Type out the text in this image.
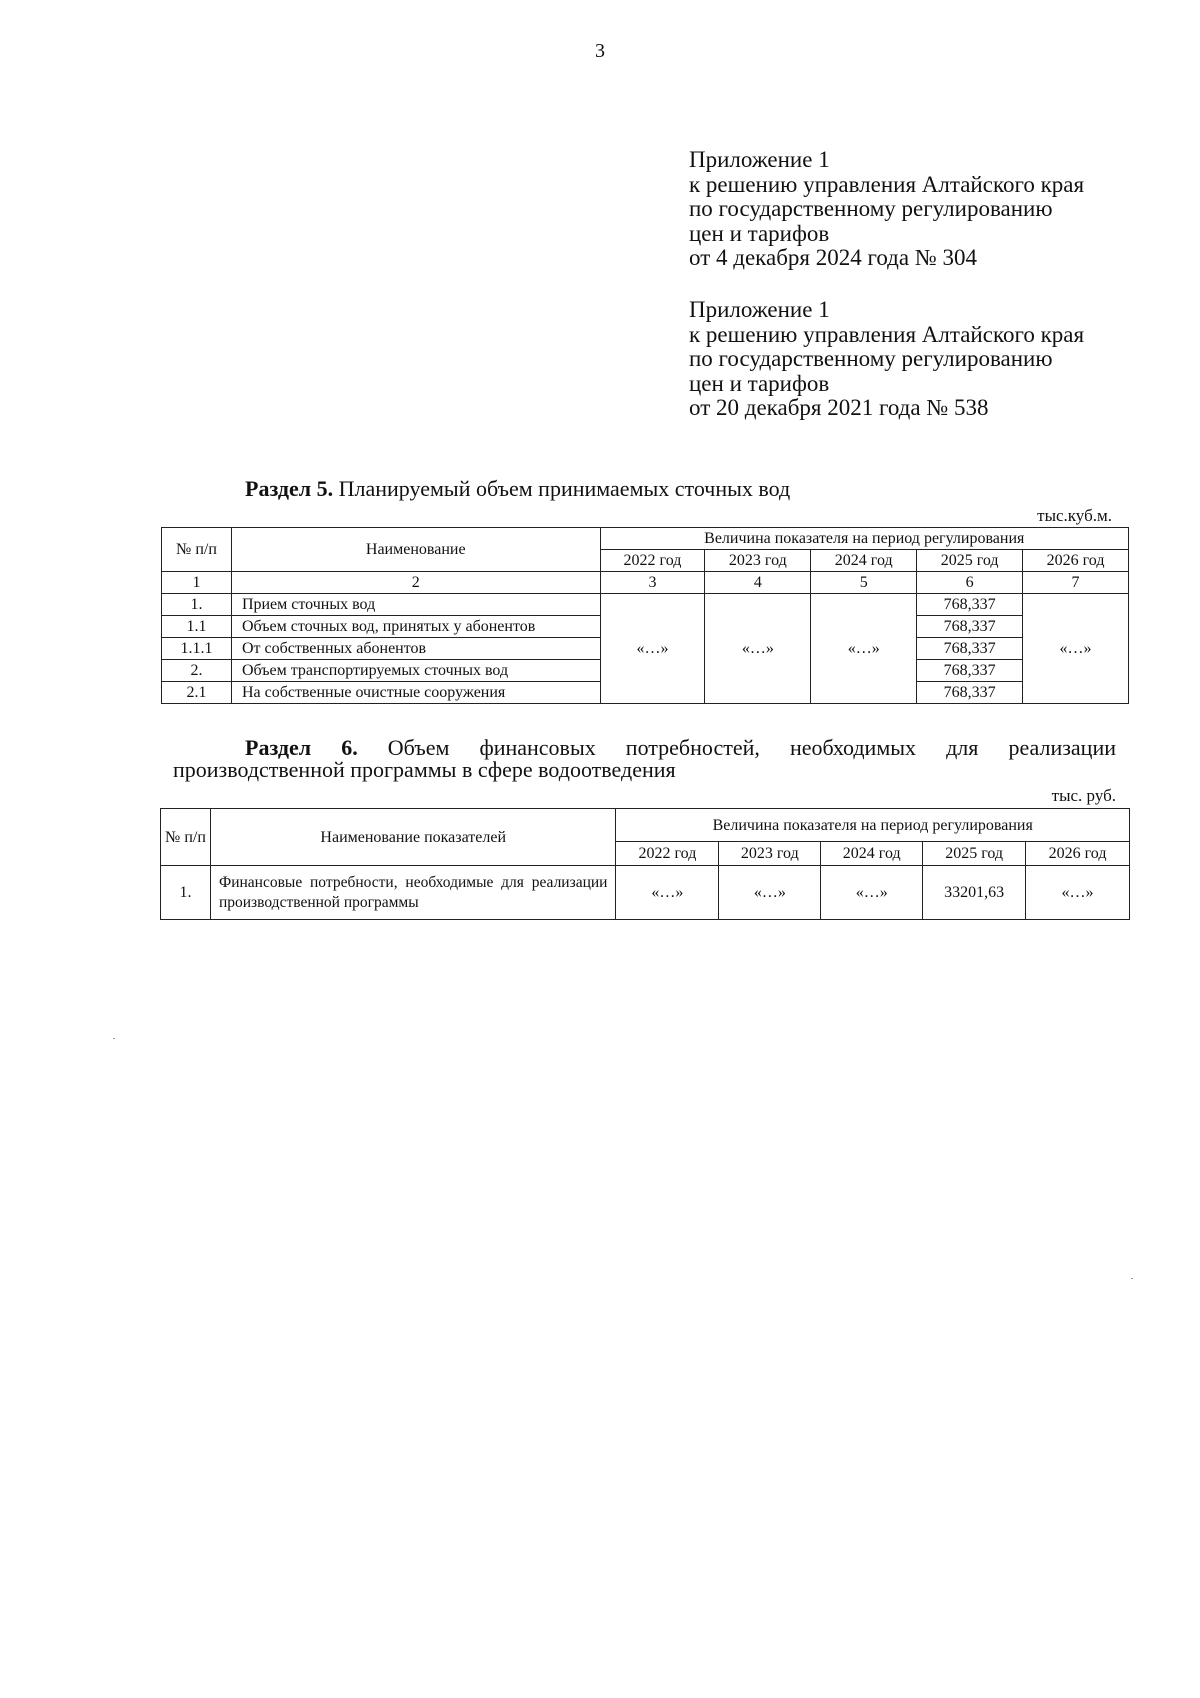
3
Приложение 1
к решению управления Алтайского края
по государственному регулированию
цен и тарифов
от 4 декабря 2024 года № 304
Приложение 1
к решению управления Алтайского края
по государственному регулированию
цен и тарифов
от 20 декабря 2021 года № 538
Раздел 5. Планируемый объем принимаемых сточных вод
тыс.куб.м.
№ п/п	Наименование	Величина показателя на период регулирования				
		2022 год	2023 год	2024 год	2025 год	2026 год
1	2	3	4	5	6	7
1.	Прием сточных вод	«…»	«…»	«…»	768,337	«…»
1.1	Объем сточных вод, принятых у абонентов				768,337	
1.1.1	От собственных абонентов				768,337	
2.	Объем транспортируемых сточных вод				768,337	
2.1	На собственные очистные сооружения				768,337	
Раздел 6. Объем финансовых потребностей, необходимых для реализации
производственной программы в сфере водоотведения
тыс. руб.
№ п/п	Наименование показателей	Величина показателя на период регулирования				
		2022 год	2023 год	2024 год	2025 год	2026 год
1.	Финансовые потребности, необходимые для реализации производственной программы	«…»	«…»	«…»	33201,63	«…»
